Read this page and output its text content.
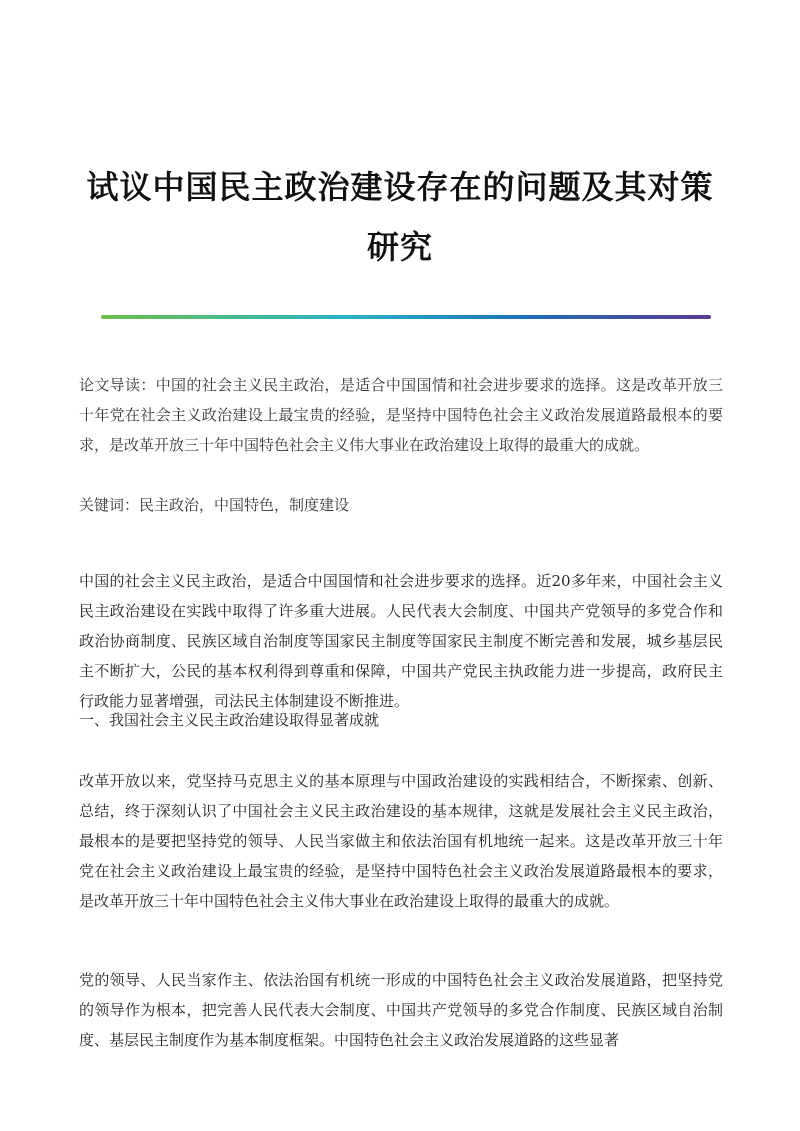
试议中国民主政治建设存在的问题及其对策
研究

论文导读：中国的社会主义民主政治，是适合中国国情和社会进步要求的选择。这是改革开放三十年党在社会主义政治建设上最宝贵的经验，是坚持中国特色社会主义政治发展道路最根本的要求，是改革开放三十年中国特色社会主义伟大事业在政治建设上取得的最重大的成就。

关键词：民主政治，中国特色，制度建设

中国的社会主义民主政治，是适合中国国情和社会进步要求的选择。近20多年来，中国社会主义民主政治建设在实践中取得了许多重大进展。人民代表大会制度、中国共产党领导的多党合作和政治协商制度、民族区域自治制度等国家民主制度等国家民主制度不断完善和发展，城乡基层民主不断扩大，公民的基本权利得到尊重和保障，中国共产党民主执政能力进一步提高，政府民主行政能力显著增强，司法民主体制建设不断推进。

一、我国社会主义民主政治建设取得显著成就

改革开放以来，党坚持马克思主义的基本原理与中国政治建设的实践相结合，不断探索、创新、总结，终于深刻认识了中国社会主义民主政治建设的基本规律，这就是发展社会主义民主政治，最根本的是要把坚持党的领导、人民当家做主和依法治国有机地统一起来。这是改革开放三十年党在社会主义政治建设上最宝贵的经验，是坚持中国特色社会主义政治发展道路最根本的要求，是改革开放三十年中国特色社会主义伟大事业在政治建设上取得的最重大的成就。

党的领导、人民当家作主、依法治国有机统一形成的中国特色社会主义政治发展道路，把坚持党的领导作为根本，把完善人民代表大会制度、中国共产党领导的多党合作制度、民族区域自治制度、基层民主制度作为基本制度框架。中国特色社会主义政治发展道路的这些显著
